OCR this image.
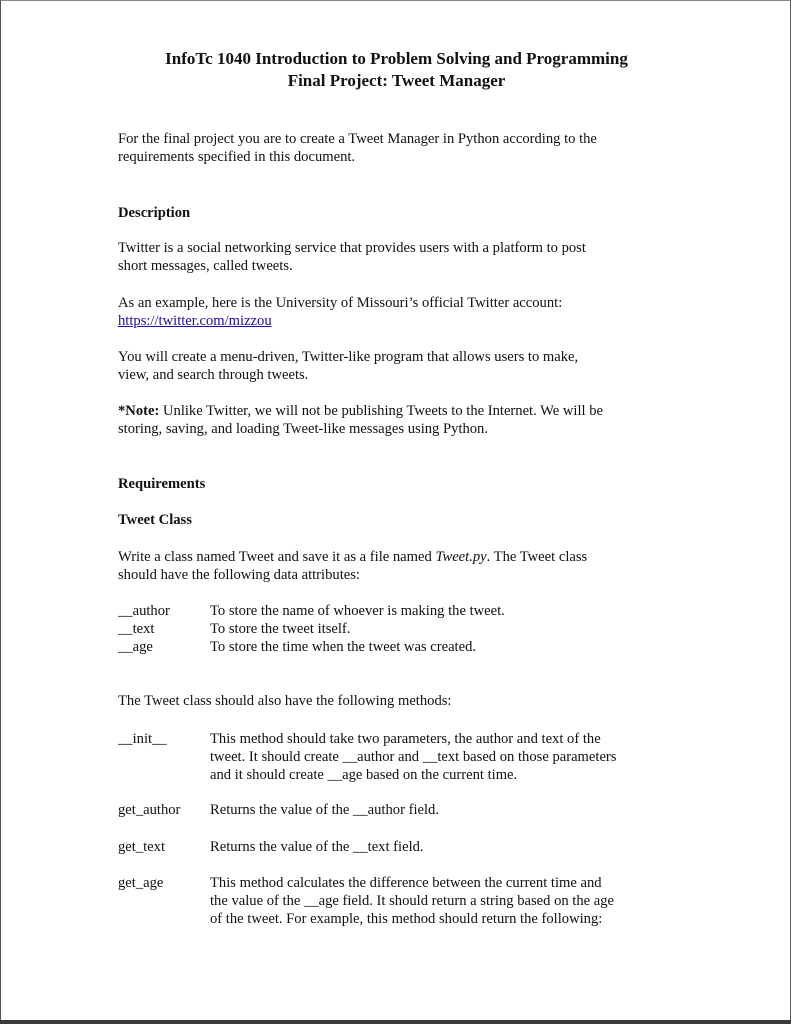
InfoTc 1040 Introduction to Problem Solving and Programming
Final Project: Tweet Manager
For the final project you are to create a Tweet Manager in Python according to the
requirements specified in this document.
Description
Twitter is a social networking service that provides users with a platform to post
short messages, called tweets.
As an example, here is the University of Missouri’s official Twitter account:
https://twitter.com/mizzou
You will create a menu-driven, Twitter-like program that allows users to make,
view, and search through tweets.
*Note: Unlike Twitter, we will not be publishing Tweets to the Internet. We will be
storing, saving, and loading Tweet-like messages using Python.
Requirements
Tweet Class
Write a class named Tweet and save it as a file named Tweet.py. The Tweet class
should have the following data attributes:
__author	To store the name of whoever is making the tweet.
__text	To store the tweet itself.
__age	To store the time when the tweet was created.
The Tweet class should also have the following methods:
__init__	This method should take two parameters, the author and text of the
tweet. It should create __author and __text based on those parameters
and it should create __age based on the current time.
get_author Returns the value of the __author field.
get_text	Returns the value of the __text field.
get_age	This method calculates the difference between the current time and
the value of the __age field. It should return a string based on the age
of the tweet. For example, this method should return the following:
